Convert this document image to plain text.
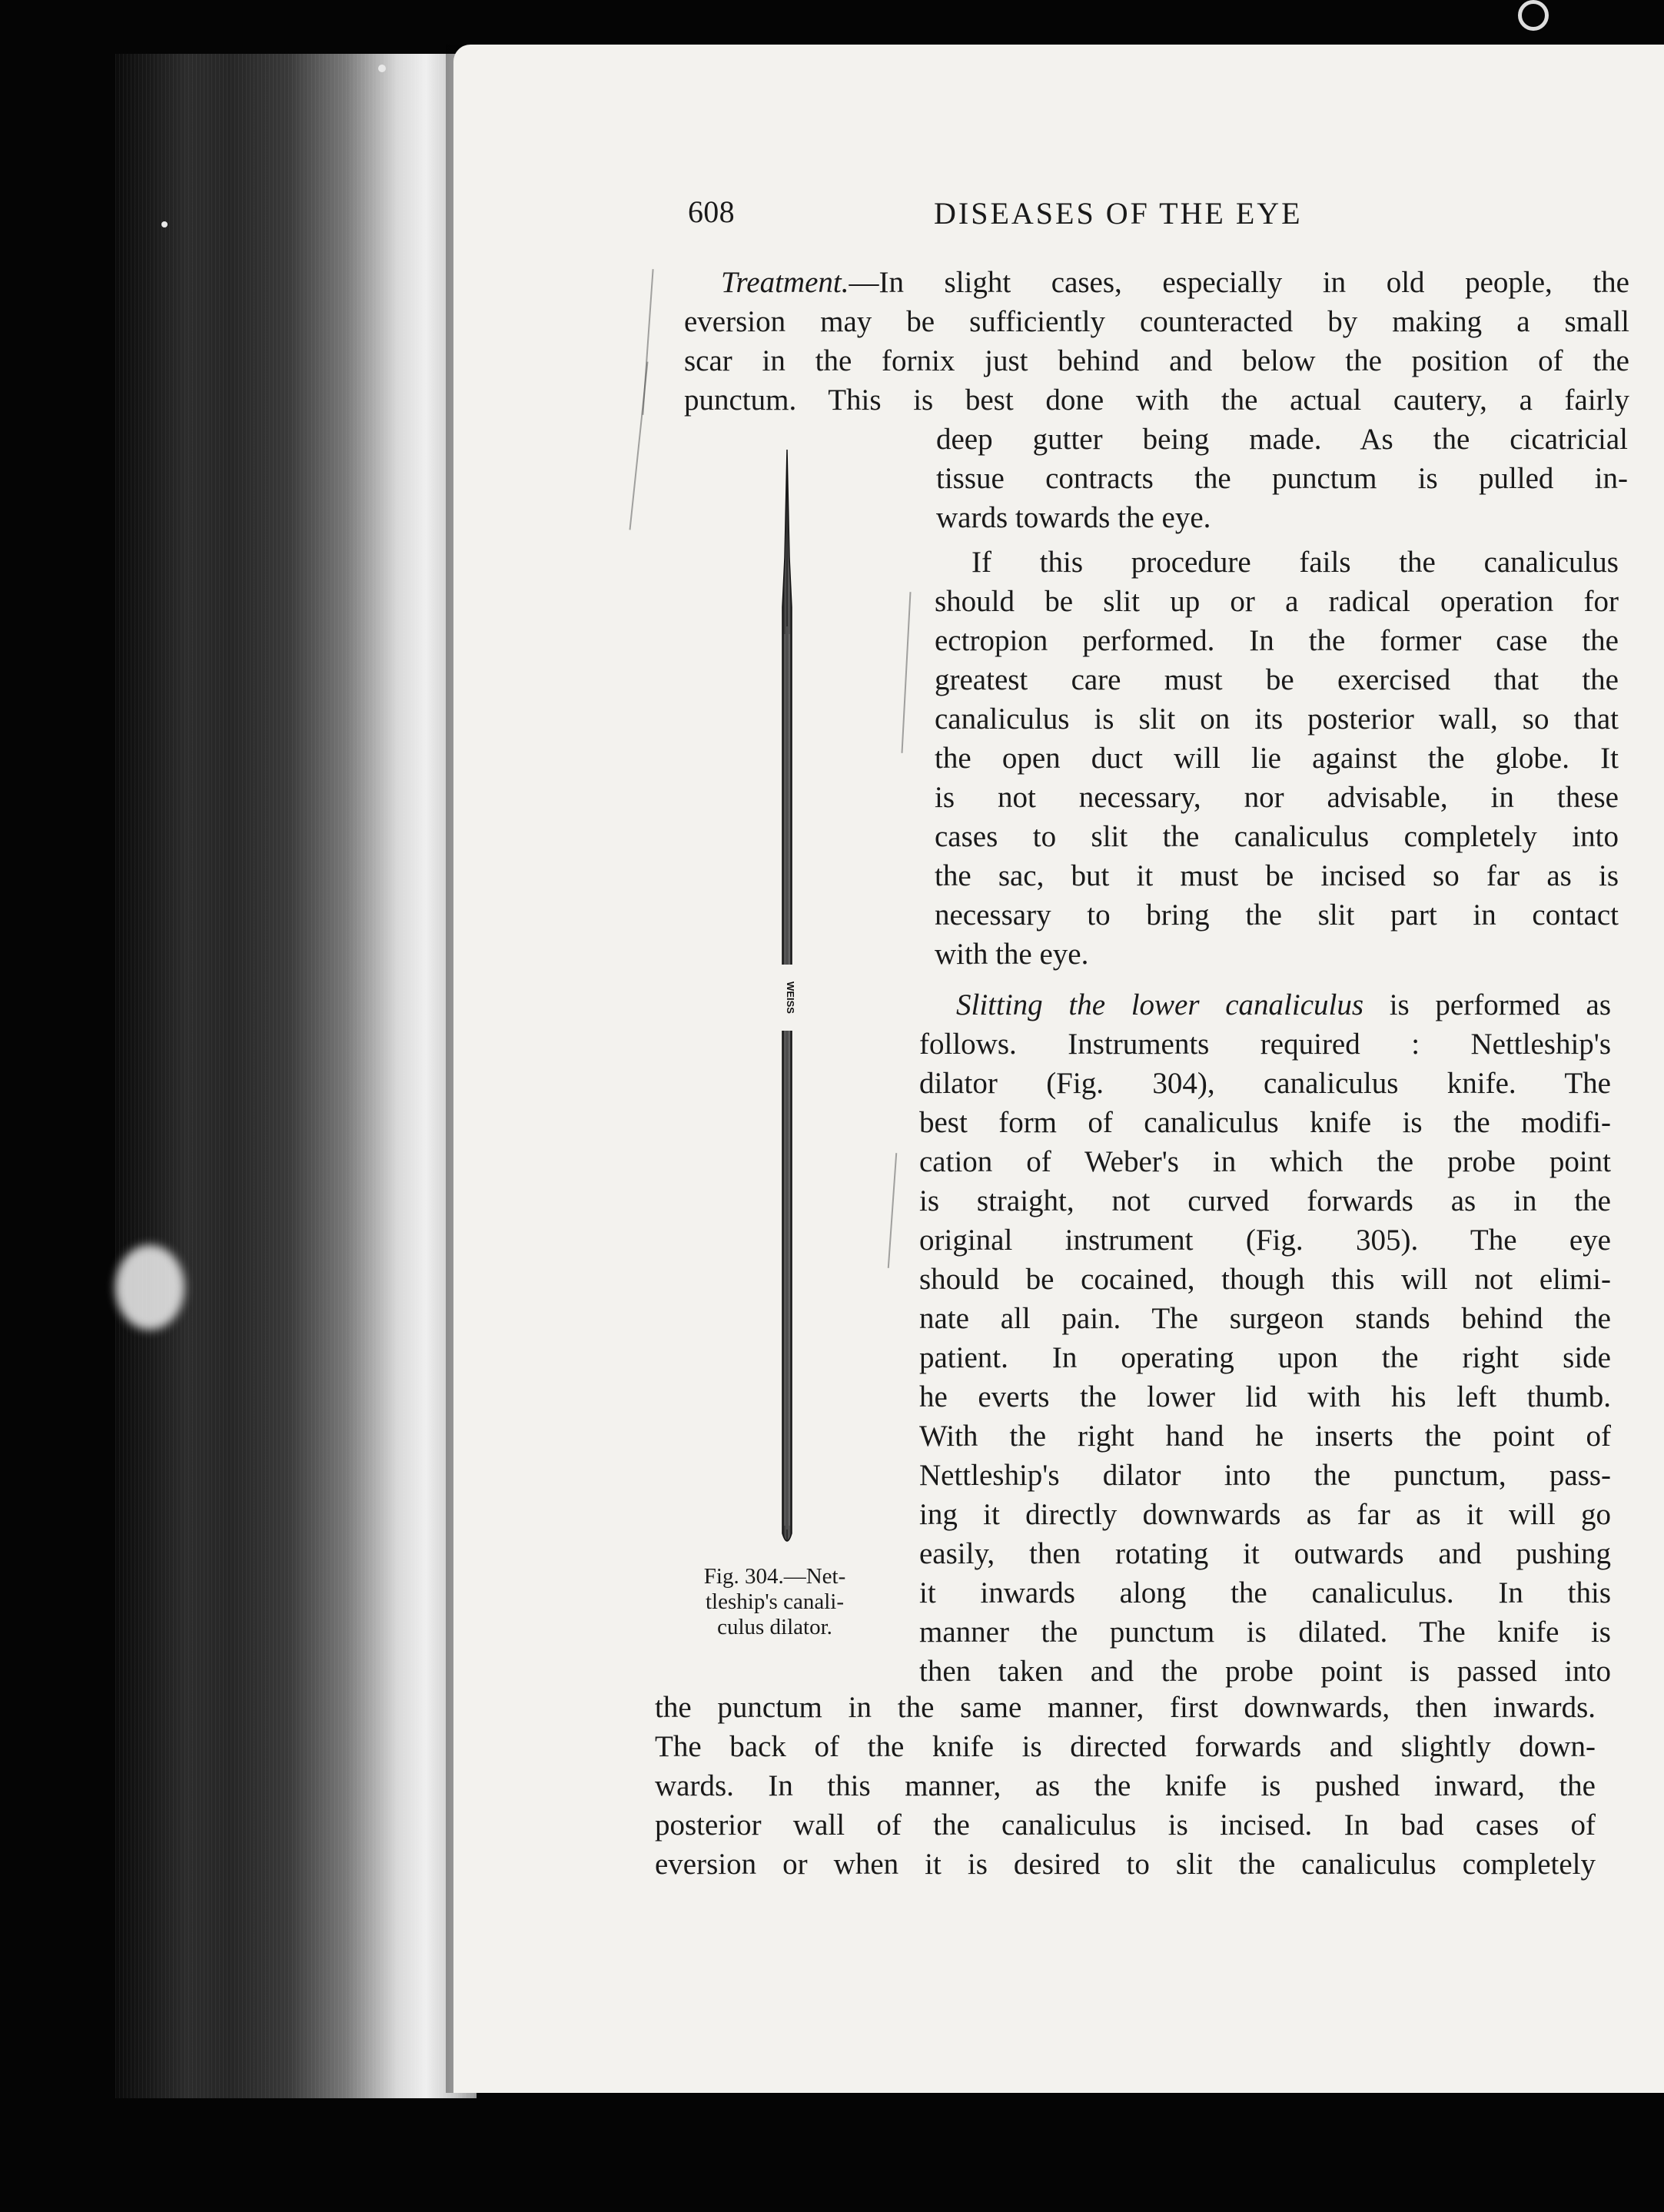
608	DISEASES OF THE EYE
Treatment.—In slight cases, especially in old people, the
eversion may be sufficiently counteracted by making a small
scar in the fornix just behind and below the position of the
punctum. This is best done with the actual cautery, a fairly
deep gutter being made. As the cicatricial
tissue contracts the punctum is pulled in-
wards towards the eye.
If this procedure fails the canaliculus
should be slit up or a radical operation for
ectropion performed. In the former case the
greatest care must be exercised that the
canaliculus is slit on its posterior wall, so that
the open duct will lie against the globe. It
is not necessary, nor advisable, in these
cases to slit the canaliculus completely into
the sac, but it must be incised so far as is
necessary to bring the slit part in contact
with the eye.
Slitting the lower canaliculus is performed as
follows. Instruments required : Nettleship's
dilator (Fig. 304), canaliculus knife. The
best form of canaliculus knife is the modifi-
cation of Weber's in which the probe point
is straight, not curved forwards as in the
original instrument (Fig. 305). The eye
should be cocained, though this will not elimi-
nate all pain. The surgeon stands behind the
patient. In operating upon the right side
he everts the lower lid with his left thumb.
With the right hand he inserts the point of
Nettleship's dilator into the punctum, pass-
ing it directly downwards as far as it will go
easily, then rotating it outwards and pushing
it inwards along the canaliculus. In this
manner the punctum is dilated. The knife is
then taken and the probe point is passed into
the punctum in the same manner, first downwards, then inwards.
The back of the knife is directed forwards and slightly down-
wards. In this manner, as the knife is pushed inward, the
posterior wall of the canaliculus is incised. In bad cases of
eversion or when it is desired to slit the canaliculus completely
WEISS
Fig. 304.—Net-
tleship's canali-
culus dilator.
